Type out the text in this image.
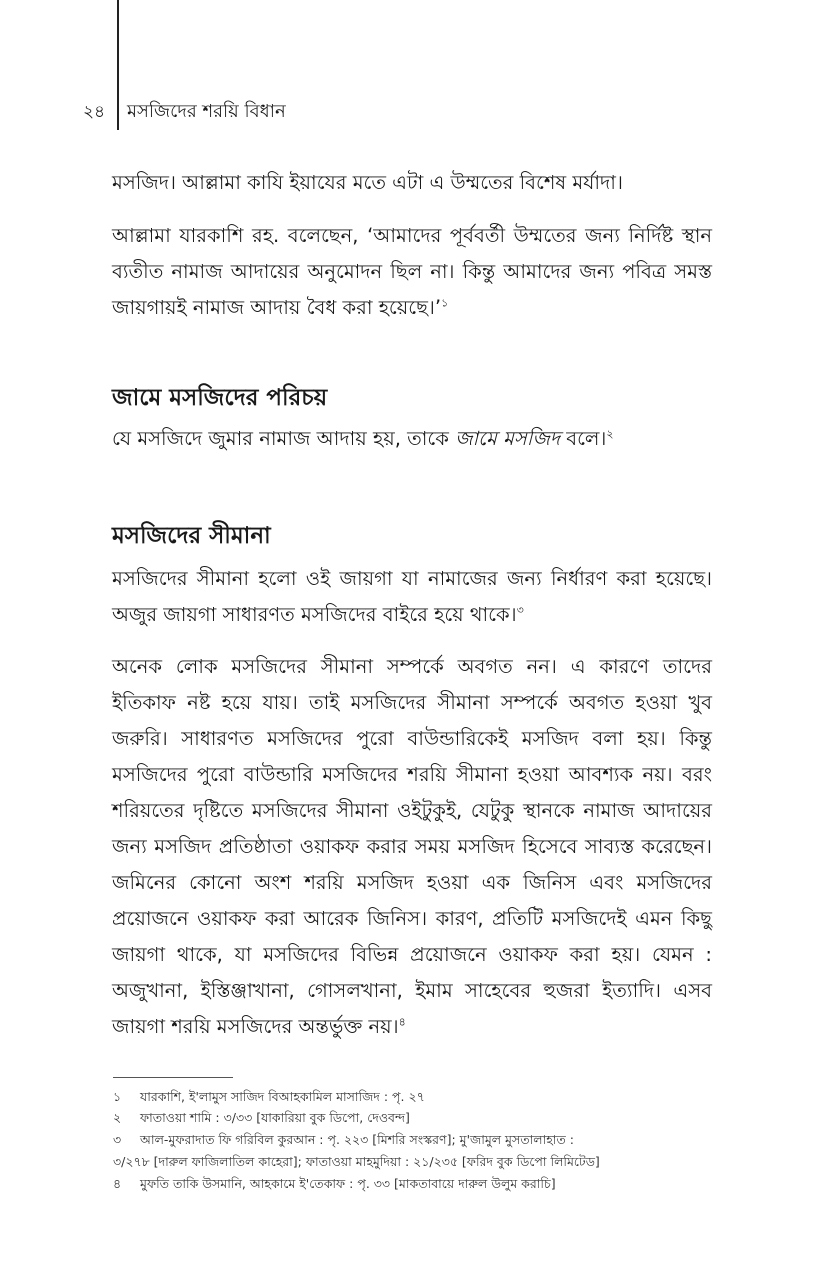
২৪ মসজিদের শরয়ি বিধান

মসজিদ। আল্লামা কাযি ইয়াযের মতে এটা এ উম্মতের বিশেষ মর্যাদা।

আল্লামা যারকাশি রহ. বলেছেন, ‘আমাদের পূর্ববর্তী উম্মতের জন্য নির্দিষ্ট স্থান ব্যতীত নামাজ আদায়ের অনুমোদন ছিল না। কিন্তু আমাদের জন্য পবিত্র সমস্ত জায়গায়ই নামাজ আদায় বৈধ করা হয়েছে।’$^১$

জামে মসজিদের পরিচয়

যে মসজিদে জুমার নামাজ আদায় হয়, তাকে জামে মসজিদ বলে।$^২$

মসজিদের সীমানা

মসজিদের সীমানা হলো ওই জায়গা যা নামাজের জন্য নির্ধারণ করা হয়েছে। অজুর জায়গা সাধারণত মসজিদের বাইরে হয়ে থাকে।$^৩$

অনেক লোক মসজিদের সীমানা সম্পর্কে অবগত নন। এ কারণে তাদের ইতিকাফ নষ্ট হয়ে যায়। তাই মসজিদের সীমানা সম্পর্কে অবগত হওয়া খুব জরুরি। সাধারণত মসজিদের পুরো বাউন্ডারিকেই মসজিদ বলা হয়। কিন্তু মসজিদের পুরো বাউন্ডারি মসজিদের শরয়ি সীমানা হওয়া আবশ্যক নয়। বরং শরিয়তের দৃষ্টিতে মসজিদের সীমানা ওইটুকুই, যেটুকু স্থানকে নামাজ আদায়ের জন্য মসজিদ প্রতিষ্ঠাতা ওয়াকফ করার সময় মসজিদ হিসেবে সাব্যস্ত করেছেন। জমিনের কোনো অংশ শরয়ি মসজিদ হওয়া এক জিনিস এবং মসজিদের প্রয়োজনে ওয়াকফ করা আরেক জিনিস। কারণ, প্রতিটি মসজিদেই এমন কিছু জায়গা থাকে, যা মসজিদের বিভিন্ন প্রয়োজনে ওয়াকফ করা হয়। যেমন : অজুখানা, ইস্তিঞ্জাখানা, গোসলখানা, ইমাম সাহেবের হুজরা ইত্যাদি। এসব জায়গা শরয়ি মসজিদের অন্তর্ভুক্ত নয়।$^৪$

১ যারকাশি, ই'লামুস সাজিদ বিআহকামিল মাসাজিদ : পৃ. ২৭

২ ফাতাওয়া শামি : ৩/৩৩ [যাকারিয়া বুক ডিপো, দেওবন্দ]

৩ আল-মুফরাদাত ফি গরিবিল কুরআন : পৃ. ২২৩ [মিশরি সংস্করণ]; মু'জামুল মুসতালাহাত :

৩/২৭৮ [দারুল ফাজিলাতিল কাহেরা]; ফাতাওয়া মাহমুদিয়া : ২১/২৩৫ [ফরিদ বুক ডিপো লিমিটেড]

৪ মুফতি তাকি উসমানি, আহকামে ই'তেকাফ : পৃ. ৩৩ [মাকতাবায়ে দারুল উলুম করাচি]
